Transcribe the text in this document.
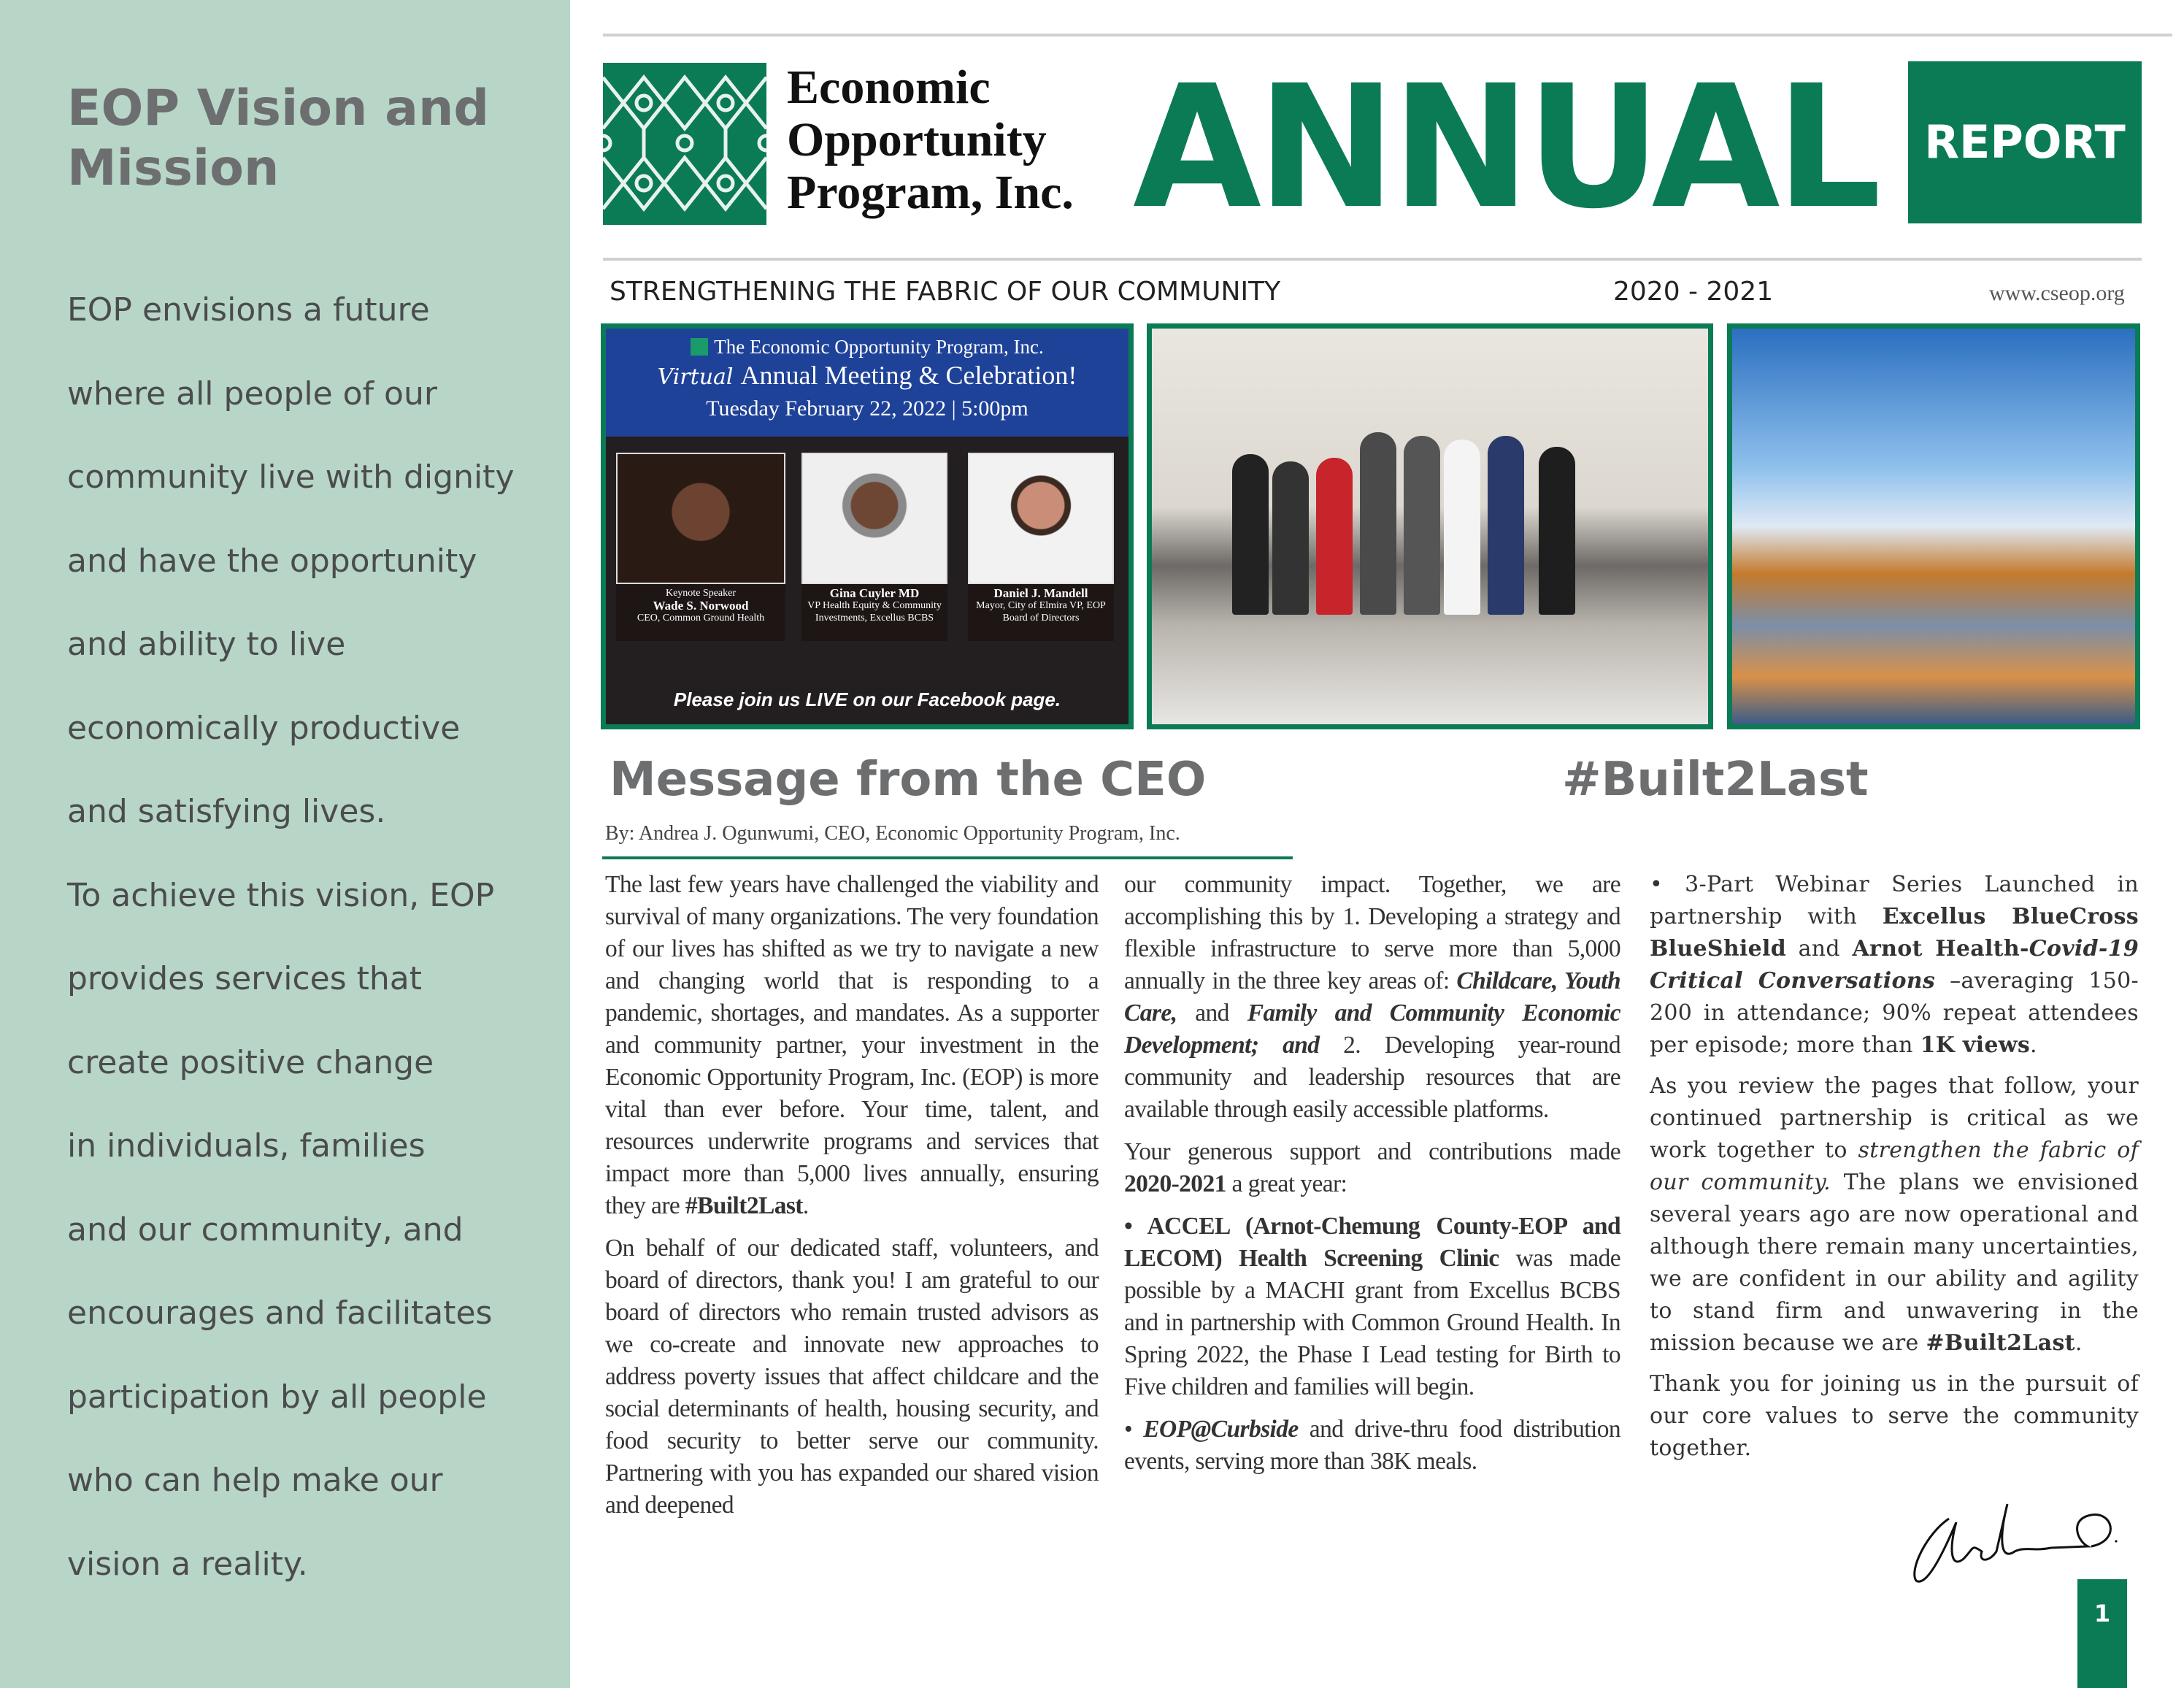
EOP Vision and Mission
EOP envisions a future
where all people of our
community live with dignity
and have the opportunity
and ability to live
economically productive
and satisfying lives.
To achieve this vision, EOP
provides services that
create positive change
in individuals, families
and our community, and
encourages and facilitates
participation by all people
who can help make our
vision a reality.
Economic
Opportunity
Program, Inc. ANNUAL	REPORT
STRENGTHENING THE FABRIC OF OUR COMMUNITY	2020 - 2021	www.cseop.org
The Economic Opportunity Program, Inc.
Virtual Annual Meeting & Celebration!
Tuesday February 22, 2022 | 5:00pm
Keynote Speaker
Wade S. Norwood
CEO, Common Ground Health
Gina Cuyler MD
VP Health Equity & Community Investments, Excellus BCBS
Daniel J. Mandell
Mayor, City of Elmira VP, EOP Board of Directors
Please join us LIVE on our Facebook page.
Message from the CEO	#Built2Last
By: Andrea J. Ogunwumi, CEO, Economic Opportunity Program, Inc.

The last few years have challenged the viability and survival of many organizations. The very foundation of our lives has shifted as we try to navigate a new and changing world that is responding to a pandemic, shortages, and mandates. As a supporter and community partner, your investment in the Economic Opportunity Program, Inc. (EOP) is more vital than ever before. Your time, talent, and resources underwrite programs and services that impact more than 5,000 lives annually, ensuring they are #Built2Last.

On behalf of our dedicated staff, volunteers, and board of directors, thank you! I am grateful to our board of directors who remain trusted advisors as we co-create and innovate new approaches to address poverty issues that affect childcare and the social determinants of health, housing security, and food security to better serve our community. Partnering with you has expanded our shared vision and deepened

our community impact. Together, we are accomplishing this by 1. Developing a strategy and flexible infrastructure to serve more than 5,000 annually in the three key areas of: Childcare, Youth Care, and Family and Community Economic Development; and 2. Developing year-round community and leadership resources that are available through easily accessible platforms.

Your generous support and contributions made 2020-2021 a great year:

• ACCEL (Arnot-Chemung County-EOP and LECOM) Health Screening Clinic was made possible by a MACHI grant from Excellus BCBS and in partnership with Common Ground Health. In Spring 2022, the Phase I Lead testing for Birth to Five children and families will begin.

• EOP@Curbside and drive-thru food distribution events, serving more than 38K meals.

• 3-Part Webinar Series Launched in partnership with Excellus BlueCross BlueShield and Arnot Health-Covid-19 Critical Conversations –averaging 150-200 in attendance; 90% repeat attendees per episode; more than 1K views.

As you review the pages that follow, your continued partnership is critical as we work together to strengthen the fabric of our community. The plans we envisioned several years ago are now operational and although there remain many uncertainties, we are confident in our ability and agility to stand firm and unwavering in the mission because we are #Built2Last.

Thank you for joining us in the pursuit of our core values to serve the community together.

1
